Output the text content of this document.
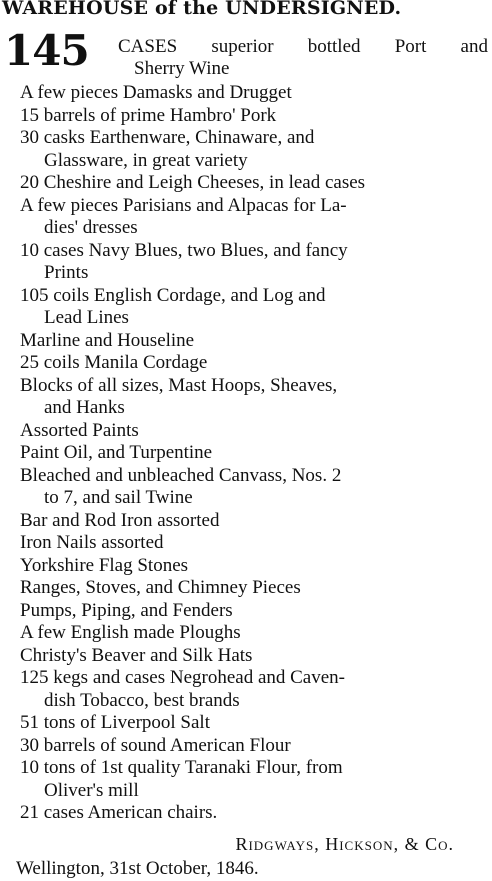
WAREHOUSE of the UNDERSIGNED.
145 CASES superior bottled Port and
Sherry Wine
A few pieces Damasks and Drugget
15 barrels of prime Hambro' Pork
30 casks Earthenware, Chinaware, and
Glassware, in great variety
20 Cheshire and Leigh Cheeses, in lead cases
A few pieces Parisians and Alpacas for La-
dies' dresses
10 cases Navy Blues, two Blues, and fancy
Prints
105 coils English Cordage, and Log and
Lead Lines
Marline and Houseline
25 coils Manila Cordage
Blocks of all sizes, Mast Hoops, Sheaves,
and Hanks
Assorted Paints
Paint Oil, and Turpentine
Bleached and unbleached Canvass, Nos. 2
to 7, and sail Twine
Bar and Rod Iron assorted
Iron Nails assorted
Yorkshire Flag Stones
Ranges, Stoves, and Chimney Pieces
Pumps, Piping, and Fenders
A few English made Ploughs
Christy's Beaver and Silk Hats
125 kegs and cases Negrohead and Caven-
dish Tobacco, best brands
51 tons of Liverpool Salt
30 barrels of sound American Flour
10 tons of 1st quality Taranaki Flour, from
Oliver's mill
21 cases American chairs.
Ridgways, Hickson, & Co.
Wellington, 31st October, 1846.
